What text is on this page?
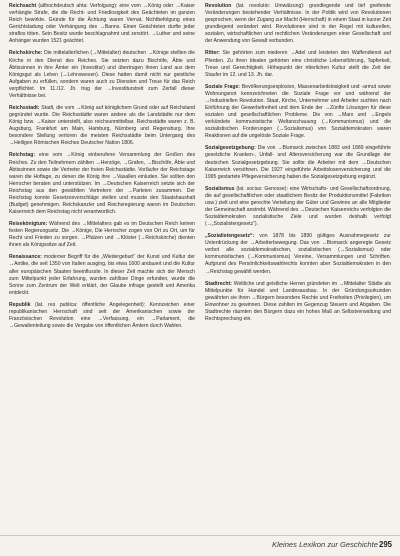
Reichsacht (althochdeutsch ahta: Verfolgung): eine vom →König oder →Kaiser verhängte Strafe, die die Recht- und Friedlosigkeit des Geächteten im ganzen Reich bewirkte. Gründe für die Ächtung waren Vernat, Nichtbefolgung eines Gerichtsladung oder Verhängung des →Banns. Einen Geächteten durfte jeder straflos töten. Sein Besitz wurde beschlagnahmt und zerstört. →Luther und seine Anhänger wurden 1521 geächtet.

Reichskirche: Die mittelalterlichen (→Mittelalter) deutschen →Könige stellten die Kirche in den Dienst des Reiches. Sie setzten dazu Bischöfe, Äbte und Äbtissinnen in ihre Ämter ein (Investitur) und übertrugen ihnen Land aus dem Königsgut als Lehen (→Lehnswesen). Diese hatten damit nicht nur geistliche Aufgaben zu erfüllen, sondern waren auch zu Diensten und Treue für das Reich verpflichtet. Im 11./12. Jh. trug der →Investiturstreit zum Zerfall dieser Verhältnisse bei.

Reichsstadt: Stadt, die vom →König auf königlichem Grund oder auf Reichsland gegründet wurde. Die Reichsstädte waren andere als die Landstädte nur dem König bzw. →Kaiser unterstellt, also reichsunmittelbar. Reichsstädte waren z. B. Augsburg, Frankfurt am Main, Hamburg, Nürnberg und Regensburg. Ihre besondere Stellung verloren die meisten Reichsstädte beim Untergang des →Heiligen Römischen Reiches Deutscher Nation 1806.

Reichstag: eine vom →König einberufene Versammlung der Großen des Reiches. Zu den Teilnehmern zählten →Herzöge, →Grafen, →Bischöfe, Äbte und Äbtissinnen sowie die Vertreter der freien Reichsstädte. Vorläufer der Reichstage waren die Hoftage, zu denen die König ihre →Vasallen einluden. Sie sollten den Herrscher beraten und unterstützen. Im →Deutschen Kaiserreich setzte sich der Reichstag aus den gewählten Vertretern der →Parteien zusammen. Der Reichstag konnte Gesetzesvorschläge stellen und musste den Staatshaushalt (Budget) genehmigen. Reichskanzler und Reichsregierung waren im Deutschen Kaiserreich dem Reichstag nicht verantwortlich.

Reisekönigtum: Während des →Mittelalters gab es im Deutschen Reich keinen festen Regierungssitz. Die →Könige, Die Herrscher zogen von Ort zu Ort, um für Recht und Frieden zu sorgen. →Pfalzen und →Klöster (→Reichskirche) dienten ihnen als Königssitze auf Zeit.

Renaissance: moderner Begriff für die „Wiedergeburt“ der Kunst und Kultur der →Antike, die seit 1350 von Italien ausging, bis etwa 1600 andauert und die Kultur aller europäischen Staaten beeinflusste. In dieser Zeit machte sich der Mensch zum Mittelpunkt jeder Erfahrung, wurden zahllose Dinge erfunden, wurde die Sonne zum Zentrum der Welt erklärt, der Glaube infrage gestellt und Amerika entdeckt.

Republik (lat. res publica: öffentliche Angelegenheit): Kennzeichen einer republikanischen Herrschaft sind seit der Amerikanischen sowie der Französischen Revolution eine →Verfassung, ein →Parlament, die →Gewaltenteilung sowie die Vergabe von öffentlichen Ämtern durch Wahlen.

Revolution (lat. revolutio: Umwälzung): grundlegende und tief greifende Veränderungen bestehender Verhältnisse. In der Politik wird von Revolutionen gesprochen, wenn der Zugang zur Macht (Herrschaft) in einem Staat in kurzer Zeit grundlegend verändert wird. Revolutionen sind in der Regel mit kulturellen, sozialen, wirtschaftlichen und rechtlichen Veränderungen einer Gesellschaft und der Anwendung von Gewalt verbunden.

Ritter: Sie gehörten zum niederen →Adel und leisteten den Waffendienst auf Pferden. Zu ihren Idealen gehörten eine christliche Lebensführung, Tapferkeit, Treue und Gerechtigkeit. Höhepunkt der ritterlichen Kultur stellt die Zeit der Staufer im 12. und 13. Jh. dar.

Soziale Frage: Bevölkerungsexplosion, Massenarbeitslosigkeit und -armut sowie Wohnungsnot kennzeichneten die Soziale Frage vor und während der →Industriellen Revolution. Staat, Kirche, Unternehmer und Arbeiter suchten nach Einführung der Gewerbefreiheit und dem Ende der →Zünfte Lösungen für diese sozialen und gesellschaftlichen Probleme. Die von →Marx und →Engels verkündete kommunistische Weltanschauung (→Kommunismus) und die sozialistischen Forderungen (→Sozialismus) von Sozialdemokraten waren Reaktionen auf die ungelöste Soziale Frage.

Sozialgesetzgebung: Die von →Bismarck zwischen 1883 und 1889 eingeführte gesetzliche Kranken-, Unfall- und Altersversicherung war die Grundlage der deutschen Sozialgesetzgebung. Sie sollte die Arbeiter mit dem →Deutschen Kaiserreich versöhnen. Die 1927 eingeführte Arbeitslosenversicherung und die 1995 gestartete Pflegeversicherung haben die Sozialgesetzgebung ergänzt.

Sozialismus (lat. socius: Genosse): eine Wirtschafts- und Gesellschaftsordnung, die auf gesellschaftlichen oder staatlichem Besitz der Produktionsmittel (Fabriken usw.) zielt und eine gerechte Verteilung der Güter und Gewinne an alle Mitglieder der Gemeinschaft anstrebt. Während des →Deutschen Kaiserreichs verfolgten die Sozialdemokraten sozialistische Ziele und wurden deshalb verfolgt (→„Sozialistengesetz“).

„Sozialistengesetz“: von 1878 bis 1890 gültiges Ausnahmegesetz zur Unterdrückung der →Arbeiterbewegung. Das von →Bismarck angeregte Gesetz verbot alle sozialdemokratischen, sozialistischen (→Sozialismus) oder kommunistischen (→Kommunismus) Vereine, Versammlungen und Schriften. Aufgrund des Persönlichkeitswahlrechts konnten aber Sozialdemokraten in den →Reichstag gewählt werden.

Stadtrecht: Weltliche und geistliche Herren gründeten im →Mittelalter Städte als Mittelpunkte für Handel und Landesausbau. In der Gründungsurkunden gewährten sie ihren →Bürgern besondere Rechte und Freiheiten (Privilegien), um Einwohner zu gewinnen. Diese zahlten im Gegenzug Steuern und Abgaben. Die Stadtrechte räumten den Bürgern dazu ein hohes Maß an Selbstverwaltung und Rechtsprechung ein.

Kleines Lexikon zur Geschichte 295
